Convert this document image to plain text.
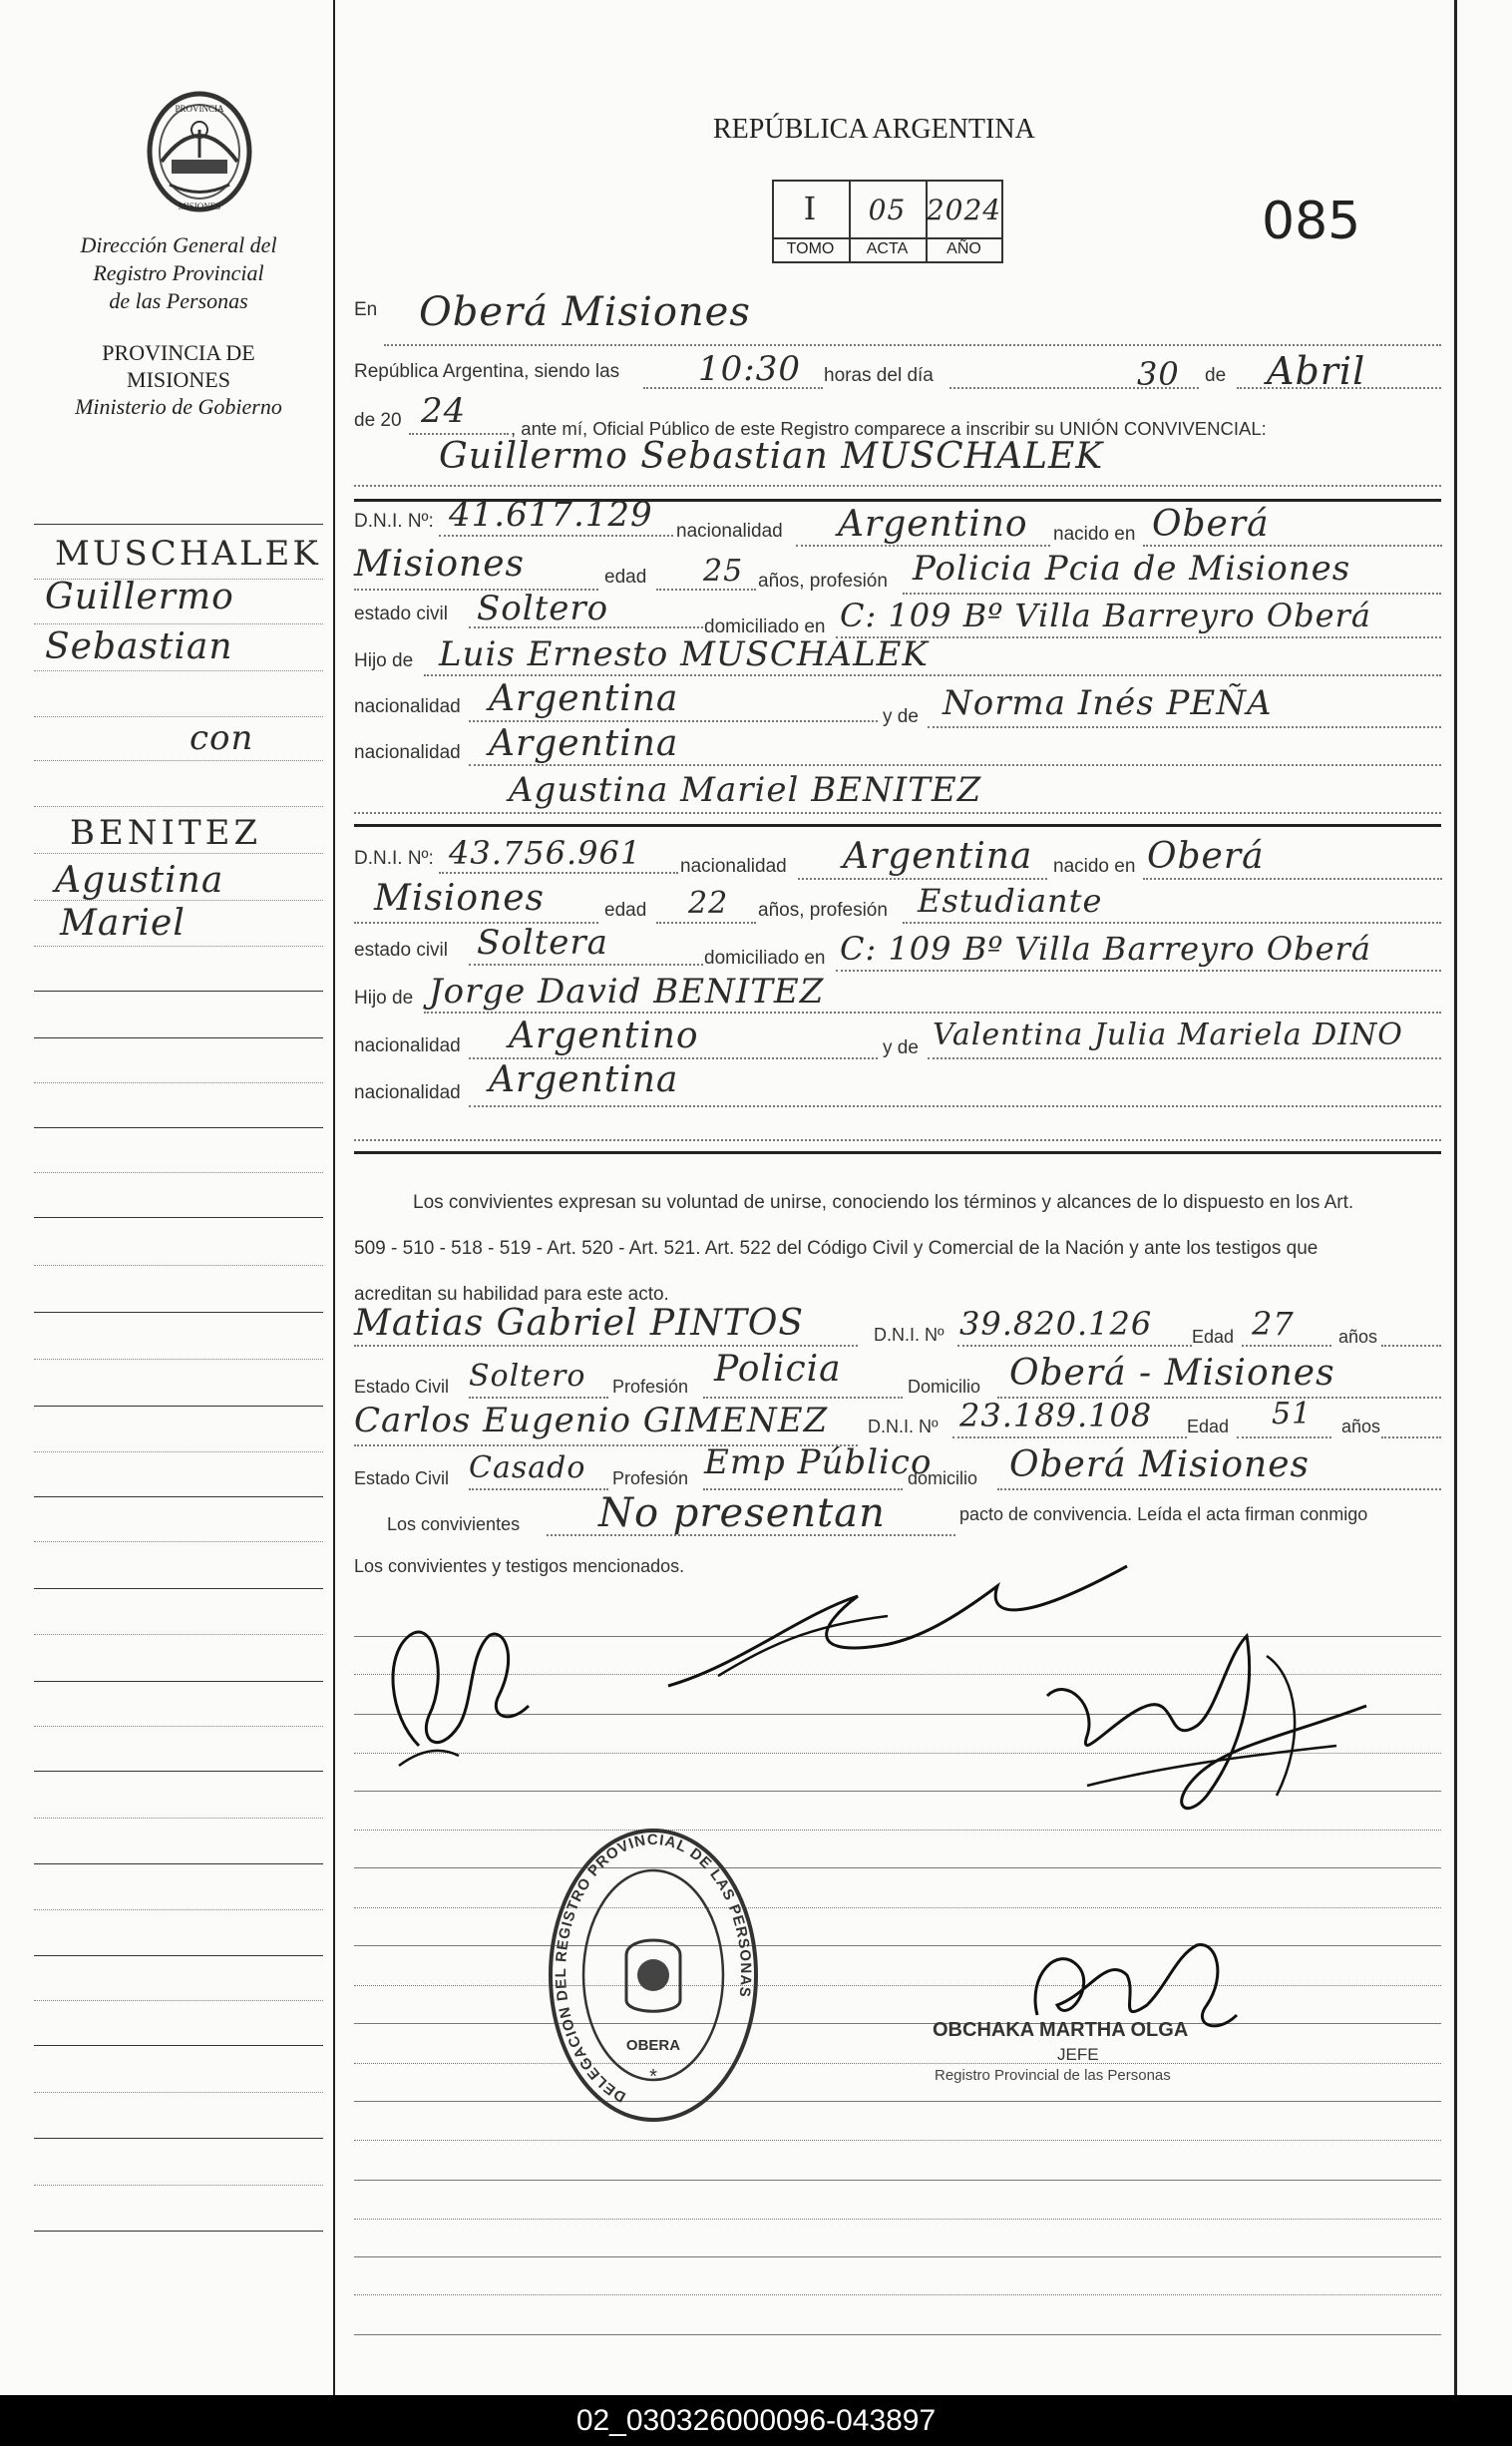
PROVINCIA
MISIONES
Dirección General del
Registro Provincial
de las Personas
PROVINCIA DE
MISIONES
Ministerio de Gobierno
MUSCHALEK
Guillermo
Sebastian
con
BENITEZ
Agustina
Mariel
REPÚBLICA ARGENTINA
I	05 2024
TOMO	ACTA	AÑO	085
En Oberá Misiones
República Argentina, siendo las 10:30 horas del día	30 de Abril
de 20 24 , ante mí, Oficial Público de este Registro comparece a inscribir su UNIÓN CONVIVENCIAL:
Guillermo Sebastian MUSCHALEK
D.N.I. Nº: 41.617.129 nacionalidad Argentino nacido en Oberá
Misiones	edad 25 años, profesión Policia Pcia de Misiones
estado civil Soltero	domiciliado en C: 109 Bº Villa Barreyro Oberá
Hijo de Luis Ernesto MUSCHALEK
nacionalidad Argentina	y de Norma Inés PEÑA
nacionalidad Argentina
Agustina Mariel BENITEZ
D.N.I. Nº: 43.756.961 nacionalidad Argentina nacido en Oberá
Misiones	edad 22 años, profesión Estudiante
estado civil Soltera	domiciliado en C: 109 Bº Villa Barreyro Oberá
Hijo de Jorge David BENITEZ
nacionalidad Argentino	y de Valentina Julia Mariela DINO
nacionalidad Argentina
Los convivientes expresan su voluntad de unirse, conociendo los términos y alcances de lo dispuesto en los Art.
509 - 510 - 518 - 519 - Art. 520 - Art. 521. Art. 522 del Código Civil y Comercial de la Nación y ante los testigos que
acreditan su habilidad para este acto.
Matias Gabriel PINTOS	D.N.I. Nº 39.820.126 Edad 27 años
Estado Civil Soltero Profesión Policia	Domicilio Oberá - Misiones
Carlos Eugenio GIMENEZ D.N.I. Nº 23.189.108 Edad 51 años
Estado Civil Casado Profesión Emp Público
domicilio Oberá Misiones
Los convivientes No presentan	pacto de convivencia. Leída el acta firman conmigo
Los convivientes y testigos mencionados.
DELEGACION DEL REGISTRO PROVINCIAL DE LAS PERSONAS
OBERA
*
OBCHAKA MARTHA OLGA
JEFE
Registro Provincial de las Personas
02_030326000096-043897
